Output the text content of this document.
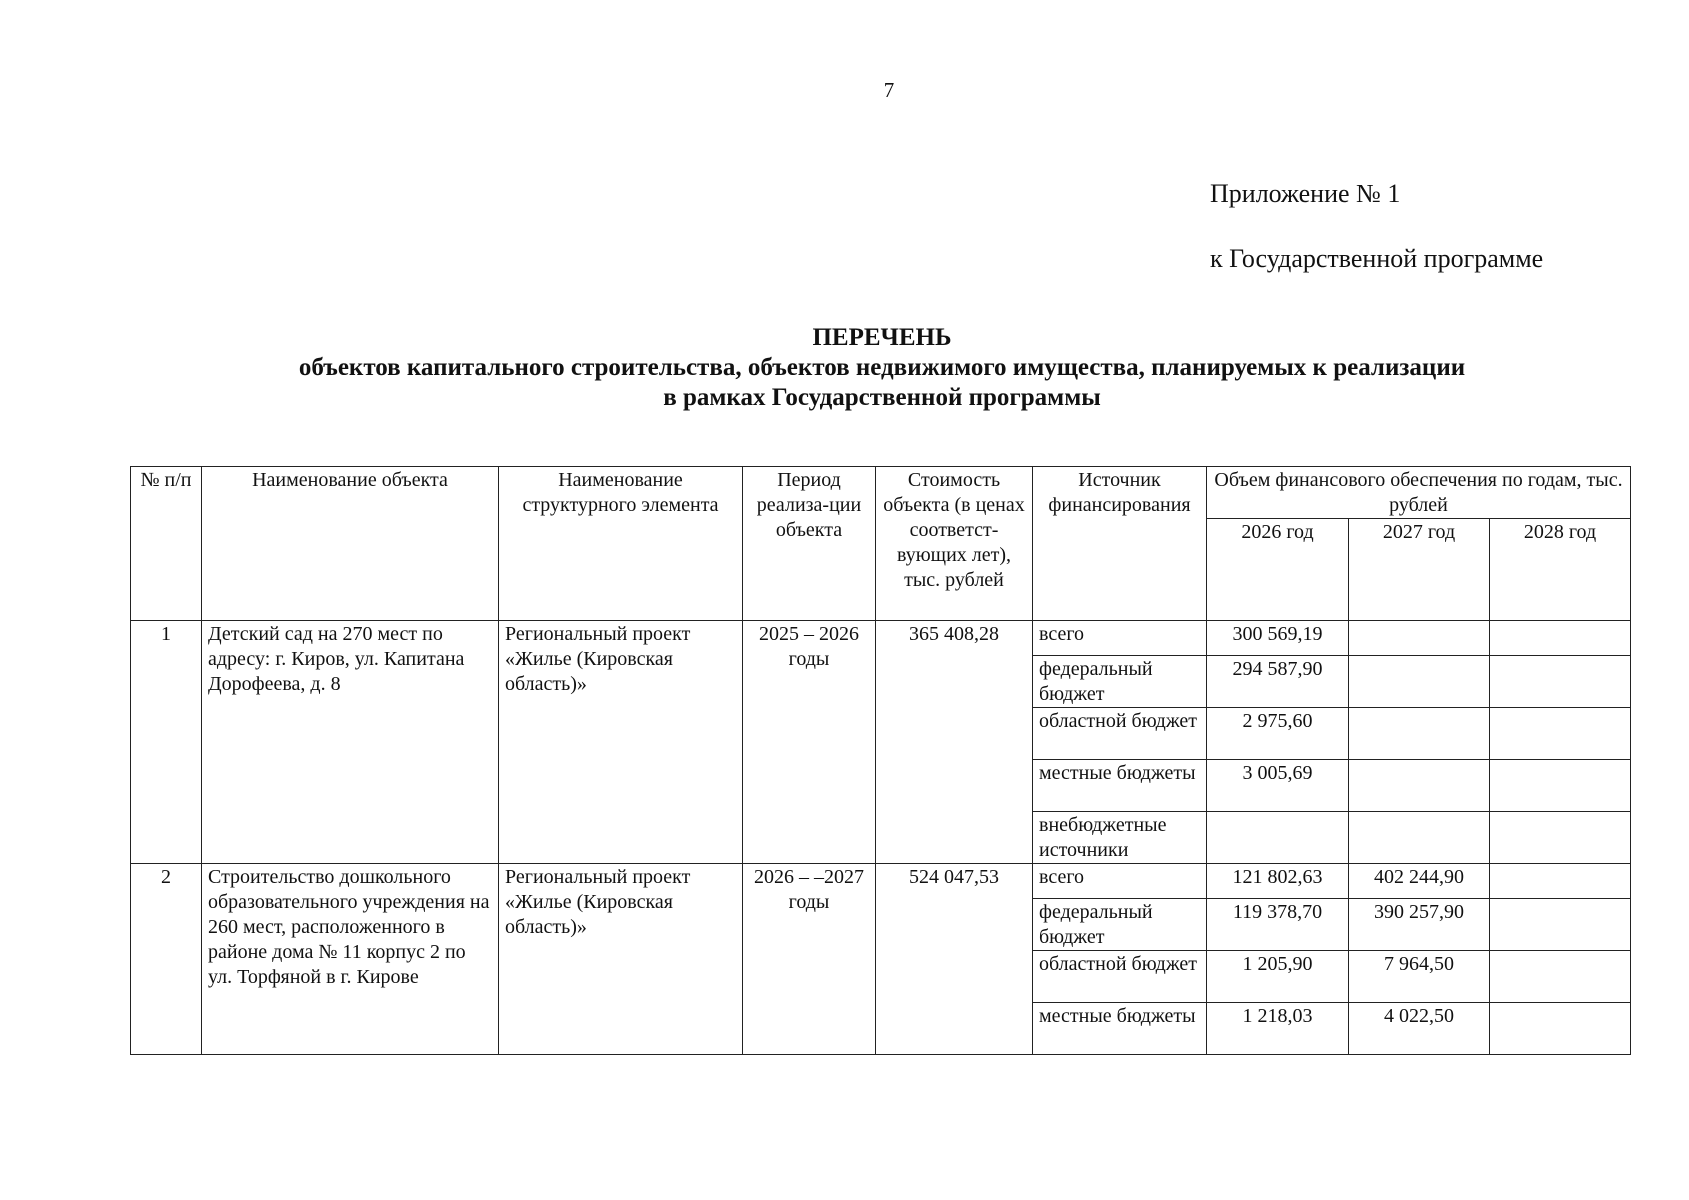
7
Приложение № 1
к Государственной программе
ПЕРЕЧЕНЬ
объектов капитального строительства, объектов недвижимого имущества, планируемых к реализации
в рамках Государственной программы
№ п/п	Наименование объекта	Наименование структурного элемента	Период реализа-ции объекта	Стоимость объекта (в ценах соответст-вующих лет), тыс. рублей	Источник финансирования	Объем финансового обеспечения по годам, тыс. рублей		
						2026 год	2027 год	2028 год
1	Детский сад на 270 мест по адресу: г. Киров, ул. Капитана Дорофеева, д. 8	Региональный проект «Жилье (Кировская область)»	2025 – 2026 годы	365 408,28	всего	300 569,19		
					федеральный бюджет	294 587,90		
					областной бюджет	2 975,60		
					местные бюджеты	3 005,69		
					внебюджетные источники			
2	Строительство дошкольного образовательного учреждения на 260 мест, расположенного в районе дома № 11 корпус 2 по ул. Торфяной в г. Кирове	Региональный проект «Жилье (Кировская область)»	2026 – –2027 годы	524 047,53	всего	121 802,63	402 244,90	
					федеральный бюджет	119 378,70	390 257,90	
					областной бюджет	1 205,90	7 964,50	
					местные бюджеты	1 218,03	4 022,50	
